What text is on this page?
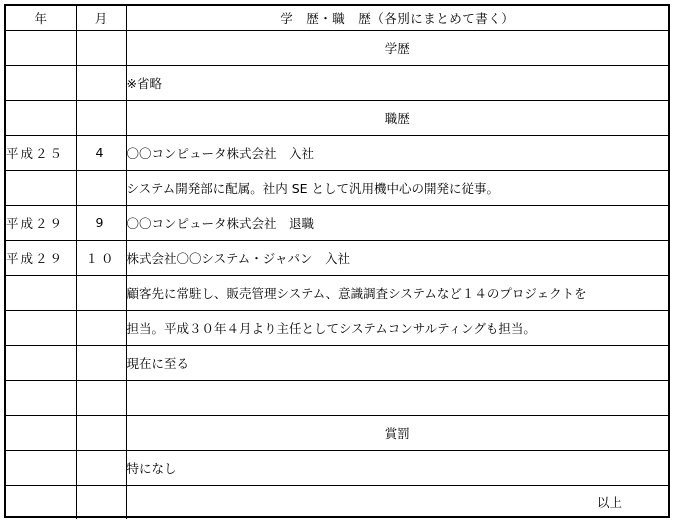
年	月	学　歴・職　歴（各別にまとめて書く）
		学歴
		※省略
		職歴
平成２５	4	〇〇コンピュータ株式会社　入社
		システム開発部に配属。社内 SE として汎用機中心の開発に従事。
平成２９	9	〇〇コンピュータ株式会社　退職
平成２９	１０	株式会社〇〇システム・ジャパン　入社
		顧客先に常駐し、販売管理システム、意識調査システムなど１４のプロジェクトを
		担当。平成３０年４月より主任としてシステムコンサルティングも担当。
		現在に至る

		賞罰
		特になし
		以上
